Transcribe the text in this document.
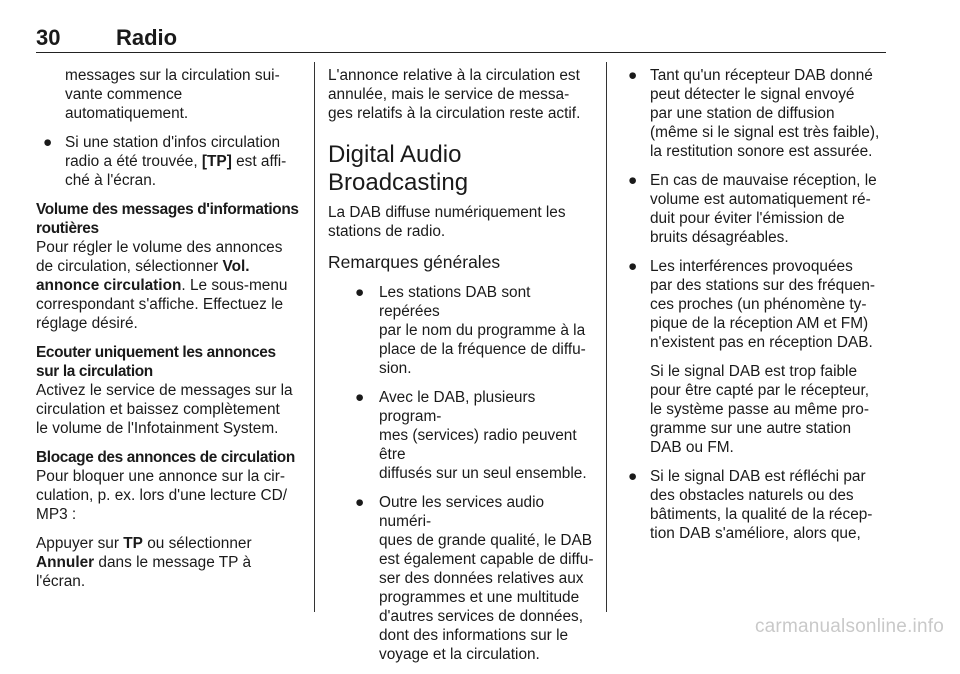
30	Radio
messages sur la circulation sui-
vante commence
automatiquement.
● Si une station d'infos circulation
radio a été trouvée, [TP] est affi-
ché à l'écran.
Volume des messages d'informations
routières

Pour régler le volume des annonces
de circulation, sélectionner Vol.
annonce circulation. Le sous-menu
correspondant s'affiche. Effectuez le
réglage désiré.

Ecouter uniquement les annonces
sur la circulation

Activez le service de messages sur la
circulation et baissez complètement
le volume de l'Infotainment System.

Blocage des annonces de circulation

Pour bloquer une annonce sur la cir-
culation, p. ex. lors d'une lecture CD/
MP3 :

Appuyer sur TP ou sélectionner
Annuler dans le message TP à
l'écran.

L'annonce relative à la circulation est
annulée, mais le service de messa-
ges relatifs à la circulation reste actif.

Digital Audio Broadcasting

La DAB diffuse numériquement les
stations de radio.

Remarques générales
● Les stations DAB sont repérées
par le nom du programme à la
place de la fréquence de diffu-
sion.
● Avec le DAB, plusieurs program-
mes (services) radio peuvent être
diffusés sur un seul ensemble.
● Outre les services audio numéri-
ques de grande qualité, le DAB
est également capable de diffu-
ser des données relatives aux
programmes et une multitude
d'autres services de données,
dont des informations sur le
voyage et la circulation.
● Tant qu'un récepteur DAB donné
peut détecter le signal envoyé
par une station de diffusion
(même si le signal est très faible),
la restitution sonore est assurée.
● En cas de mauvaise réception, le
volume est automatiquement ré-
duit pour éviter l'émission de
bruits désagréables.
● Les interférences provoquées
par des stations sur des fréquen-
ces proches (un phénomène ty-
pique de la réception AM et FM)
n'existent pas en réception DAB.
Si le signal DAB est trop faible
pour être capté par le récepteur,
le système passe au même pro-
gramme sur une autre station
DAB ou FM.
● Si le signal DAB est réfléchi par
des obstacles naturels ou des
bâtiments, la qualité de la récep-
tion DAB s'améliore, alors que,
carmanualsonline.info
